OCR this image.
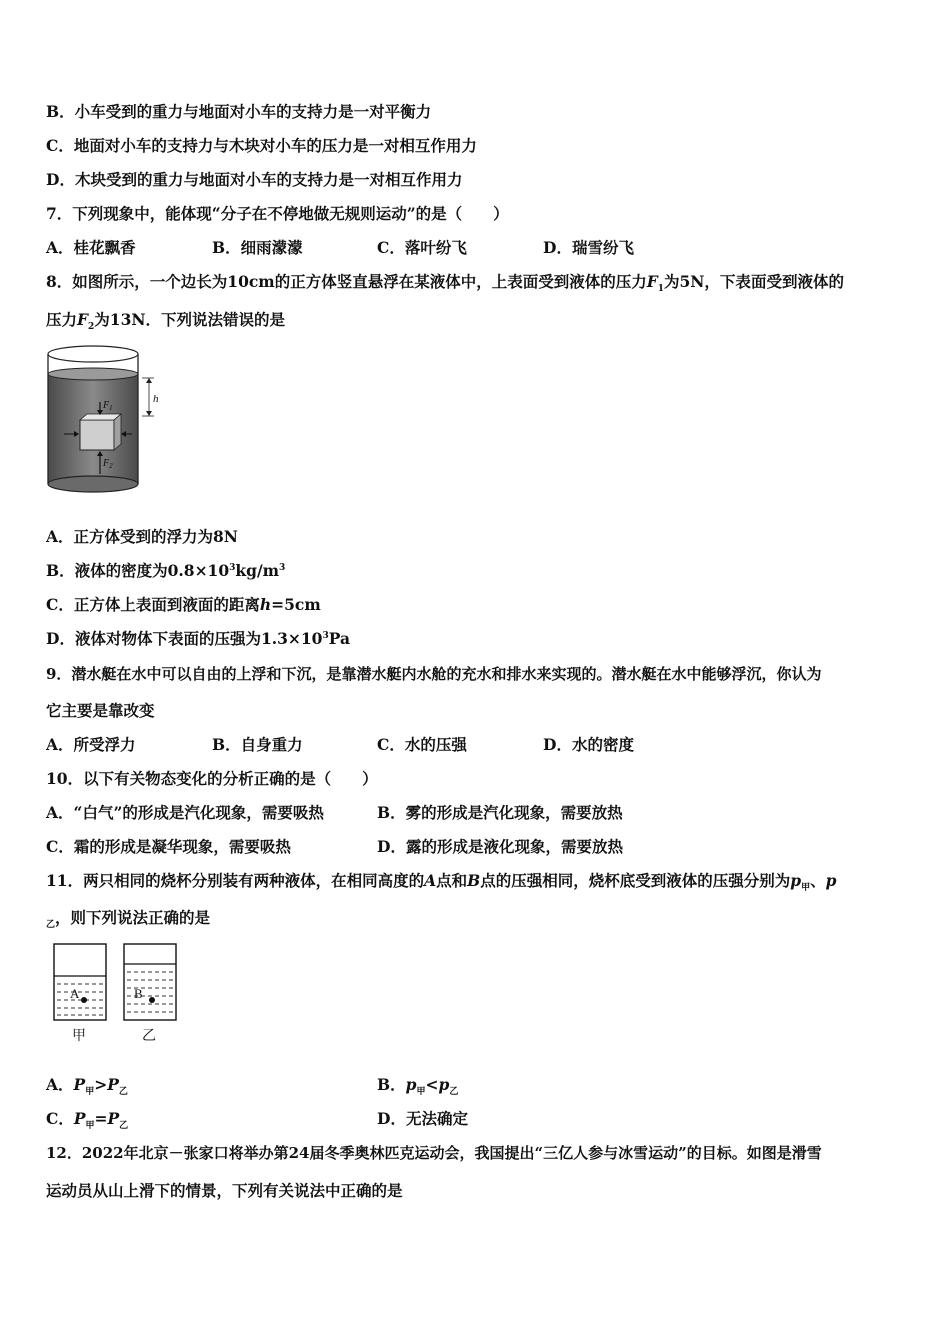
B．小车受到的重力与地面对小车的支持力是一对平衡力
C．地面对小车的支持力与木块对小车的压力是一对相互作用力
D．木块受到的重力与地面对小车的支持力是一对相互作用力
7．下列现象中，能体现“分子在不停地做无规则运动”的是（　　）
A．桂花飘香	B．细雨濛濛	C．落叶纷飞	D．瑞雪纷飞
8．如图所示，一个边长为10cm的正方体竖直悬浮在某液体中，上表面受到液体的压力$F_1$为5N，下表面受到液体的
压力$F_2$为13N．下列说法错误的是
h
$F_1$
$F_2$
A．正方体受到的浮力为8N
B．液体的密度为$0.8\times 10^3kg/m^3$
C．正方体上表面到液面的距离h=5cm
D．液体对物体下表面的压强为$1.3\times 10^3Pa$
9．潜水艇在水中可以自由的上浮和下沉，是靠潜水艇内水舱的充水和排水来实现的。潜水艇在水中能够浮沉，你认为
它主要是靠改变
A．所受浮力	B．自身重力	C．水的压强	D．水的密度
10．以下有关物态变化的分析正确的是（　　）
A．“白气”的形成是汽化现象，需要吸热	B．雾的形成是汽化现象，需要放热
C．霜的形成是凝华现象，需要吸热	D．露的形成是液化现象，需要放热
11．两只相同的烧杯分别装有两种液体，在相同高度的A点和B点的压强相同，烧杯底受到液体的压强分别为$p_甲$、p
$_乙$，则下列说法正确的是
A	B
甲	乙
A．$P_甲>P_乙$	B．$p_甲<p_乙$
C．$P_甲=P_乙$	D．无法确定
12．2022年北京－张家口将举办第24届冬季奥林匹克运动会，我国提出“三亿人参与冰雪运动”的目标。如图是滑雪
运动员从山上滑下的情景，下列有关说法中正确的是
